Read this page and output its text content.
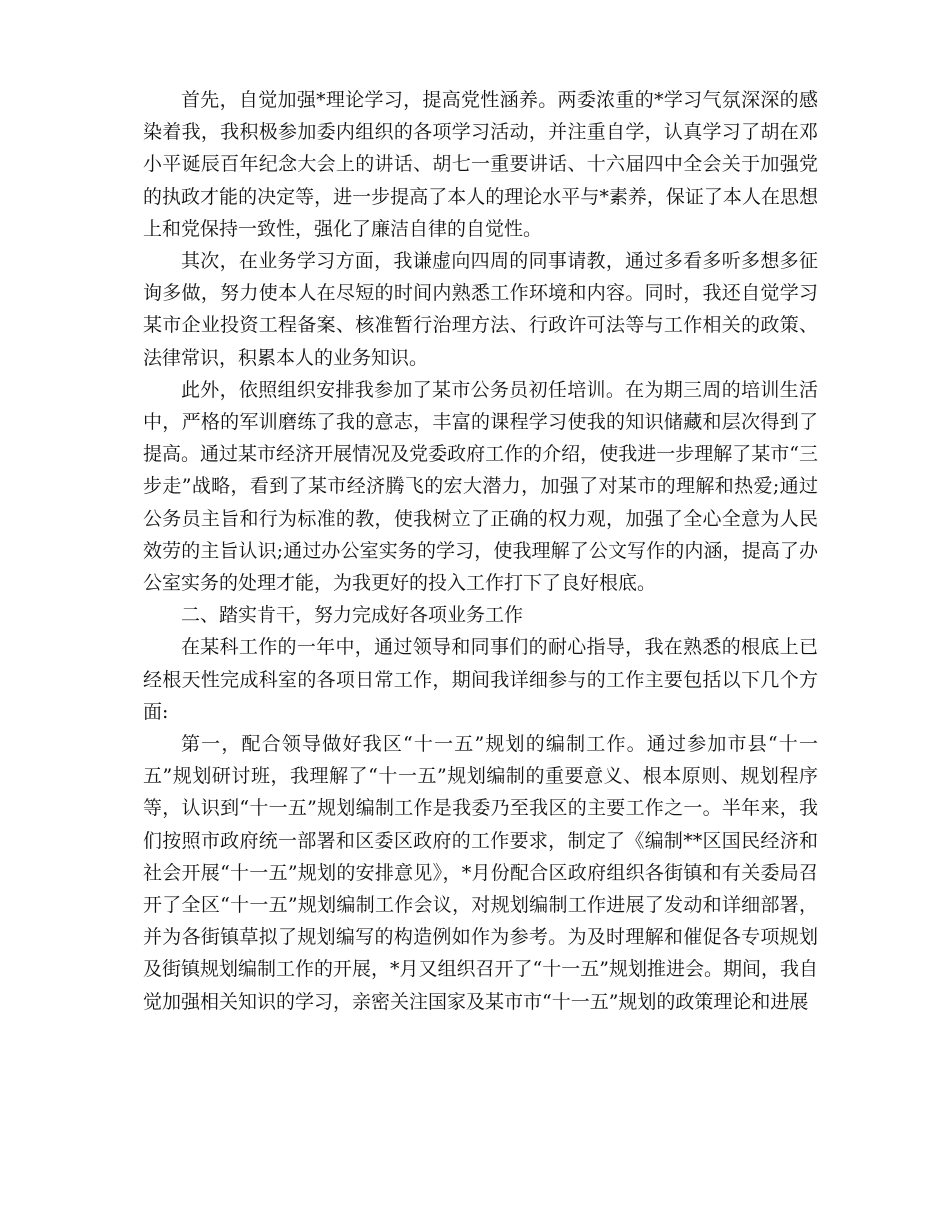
首先，自觉加强*理论学习，提高党性涵养。两委浓重的*学习气氛深深的感染着我，我积极参加委内组织的各项学习活动，并注重自学，认真学习了胡在邓小平诞辰百年纪念大会上的讲话、胡七一重要讲话、十六届四中全会关于加强党的执政才能的决定等，进一步提高了本人的理论水平与*素养，保证了本人在思想上和党保持一致性，强化了廉洁自律的自觉性。

其次，在业务学习方面，我谦虚向四周的同事请教，通过多看多听多想多征询多做，努力使本人在尽短的时间内熟悉工作环境和内容。同时，我还自觉学习某市企业投资工程备案、核准暂行治理方法、行政许可法等与工作相关的政策、法律常识，积累本人的业务知识。

此外，依照组织安排我参加了某市公务员初任培训。在为期三周的培训生活中，严格的军训磨练了我的意志，丰富的课程学习使我的知识储藏和层次得到了提高。通过某市经济开展情况及党委政府工作的介绍，使我进一步理解了某市“三步走”战略，看到了某市经济腾飞的宏大潜力，加强了对某市的理解和热爱;通过公务员主旨和行为标准的教，使我树立了正确的权力观，加强了全心全意为人民效劳的主旨认识;通过办公室实务的学习，使我理解了公文写作的内涵，提高了办公室实务的处理才能，为我更好的投入工作打下了良好根底。

二、踏实肯干，努力完成好各项业务工作

在某科工作的一年中，通过领导和同事们的耐心指导，我在熟悉的根底上已经根天性完成科室的各项日常工作，期间我详细参与的工作主要包括以下几个方面:

第一，配合领导做好我区“十一五”规划的编制工作。通过参加市县“十一五”规划研讨班，我理解了“十一五”规划编制的重要意义、根本原则、规划程序等，认识到“十一五”规划编制工作是我委乃至我区的主要工作之一。半年来，我们按照市政府统一部署和区委区政府的工作要求，制定了《编制**区国民经济和社会开展“十一五”规划的安排意见》，*月份配合区政府组织各街镇和有关委局召开了全区“十一五”规划编制工作会议，对规划编制工作进展了发动和详细部署，并为各街镇草拟了规划编写的构造例如作为参考。为及时理解和催促各专项规划及街镇规划编制工作的开展，*月又组织召开了“十一五”规划推进会。期间，我自觉加强相关知识的学习，亲密关注国家及某市市“十一五”规划的政策理论和进展
